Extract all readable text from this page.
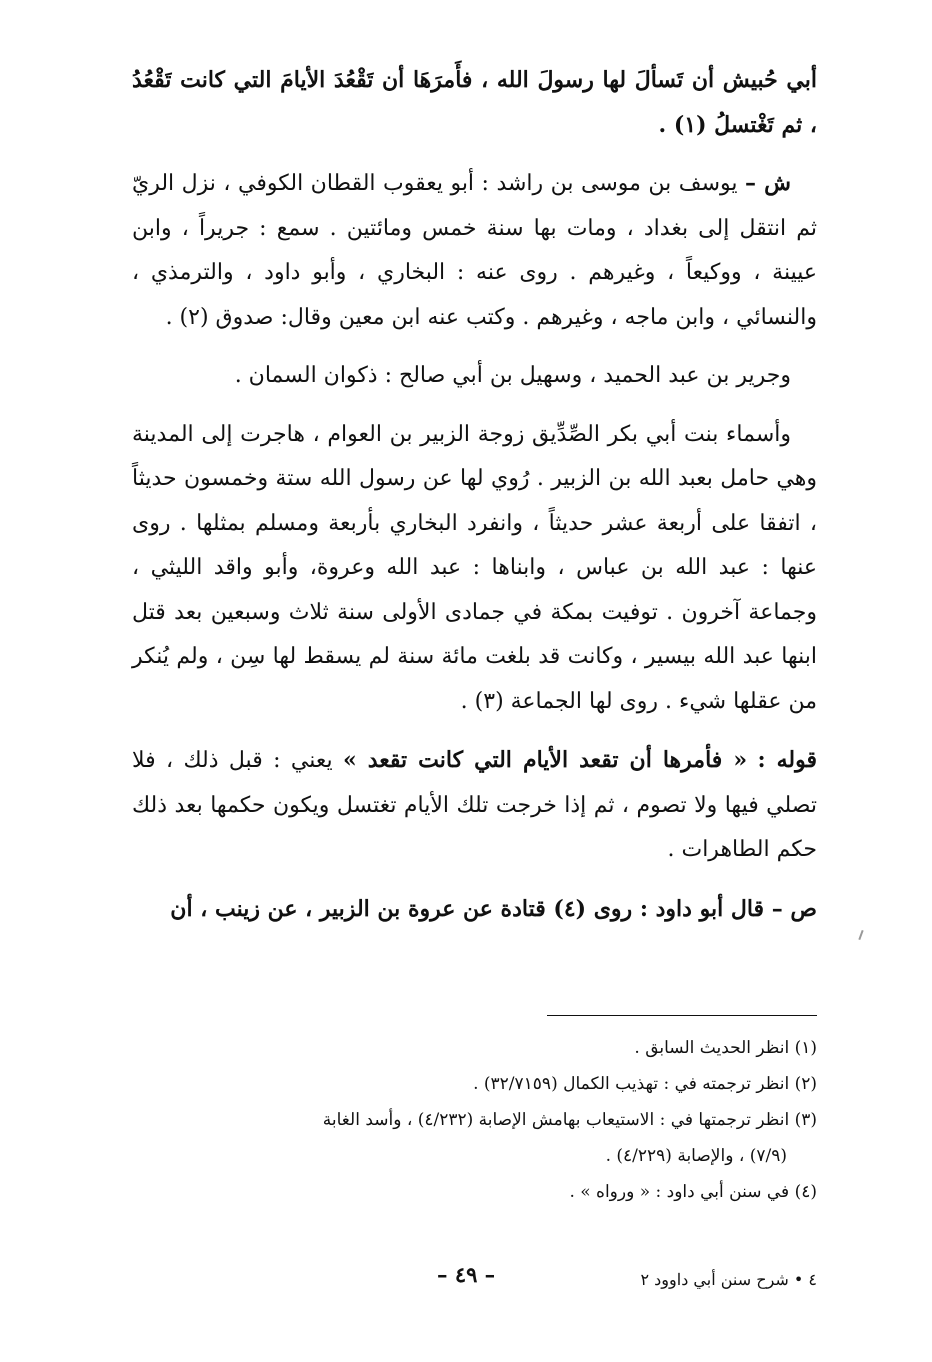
أبي حُبيش أن تَسألَ لها رسولَ الله ، فأَمرَهَا أن تَقْعُدَ الأيامَ التي كانت تَقْعُدُ ، ثم تَغْتسلُ (١) .

ش – يوسف بن موسى بن راشد : أبو يعقوب القطان الكوفي ، نزل الريّ ثم انتقل إلى بغداد ، ومات بها سنة خمس ومائتين . سمع : جريراً ، وابن عيينة ، ووكيعاً ، وغيرهم . روى عنه : البخاري ، وأبو داود ، والترمذي ، والنسائي ، وابن ماجه ، وغيرهم . وكتب عنه ابن معين وقال: صدوق (٢) .

وجرير بن عبد الحميد ، وسهيل بن أبي صالح : ذكوان السمان .

وأسماء بنت أبي بكر الصِّدِّيق زوجة الزبير بن العوام ، هاجرت إلى المدينة وهي حامل بعبد الله بن الزبير . رُوي لها عن رسول الله ستة وخمسون حديثاً ، اتفقا على أربعة عشر حديثاً ، وانفرد البخاري بأربعة ومسلم بمثلها . روى عنها : عبد الله بن عباس ، وابناها : عبد الله وعروة، وأبو واقد الليثي ، وجماعة آخرون . توفيت بمكة في جمادى الأولى سنة ثلاث وسبعين بعد قتل ابنها عبد الله بيسير ، وكانت قد بلغت مائة سنة لم يسقط لها سِن ، ولم يُنكر من عقلها شيء . روى لها الجماعة (٣) .

قوله : « فأمرها أن تقعد الأيام التي كانت تقعد » يعني : قبل ذلك ، فلا تصلي فيها ولا تصوم ، ثم إذا خرجت تلك الأيام تغتسل ويكون حكمها بعد ذلك حكم الطاهرات .

ص – قال أبو داود : روى (٤) قتادة عن عروة بن الزبير ، عن زينب ، أن

(١) انظر الحديث السابق .

(٢) انظر ترجمته في : تهذيب الكمال (٣٢/٧١٥٩) .

(٣) انظر ترجمتها في : الاستيعاب بهامش الإصابة (٤/٢٣٢) ، وأسد الغابة

(٧/٩) ، والإصابة (٤/٢٢٩) .

(٤) في سنن أبي داود : « ورواه » .

٤ • شرح سنن أبي داوود ٢
– ٤٩ –
